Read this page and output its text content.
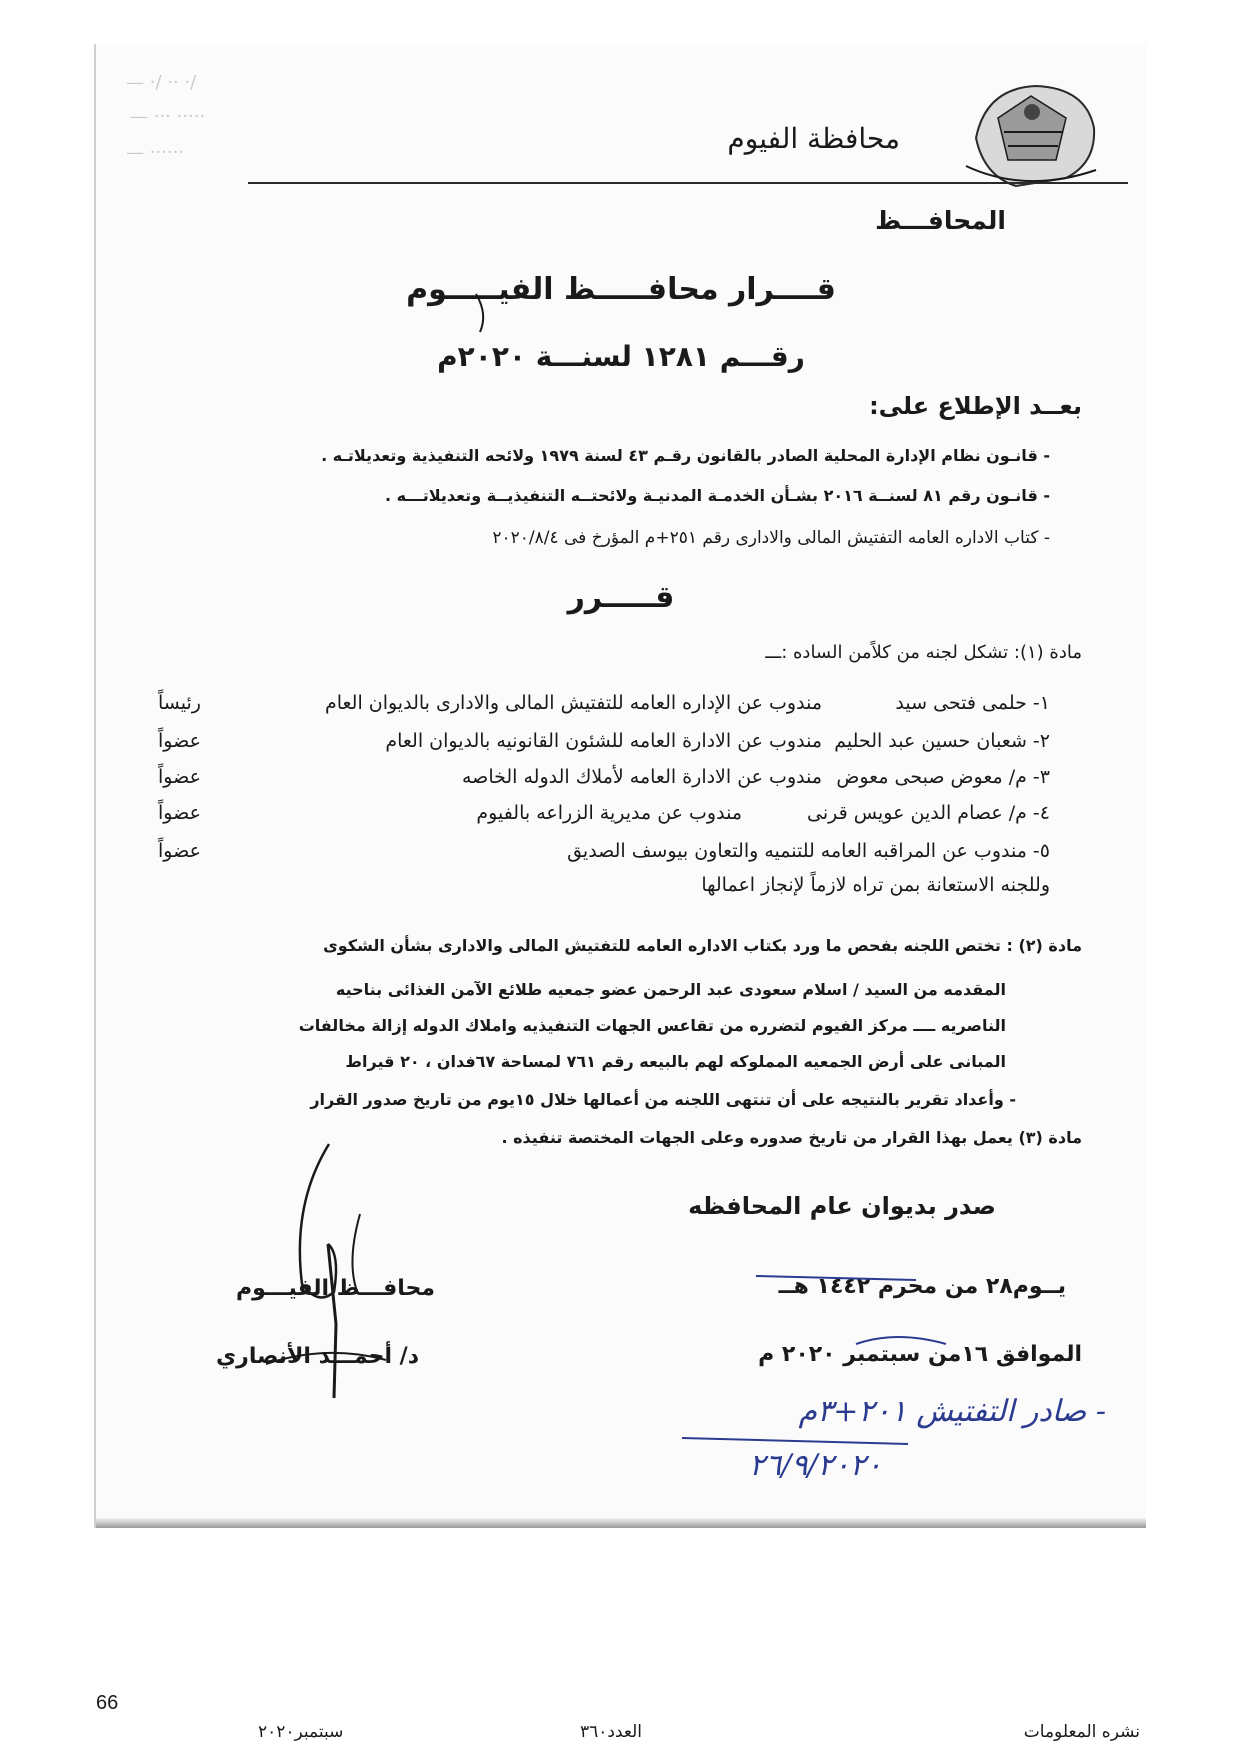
— ·/ ·· ·/
— ··· ·····
— ······	محافظة الفيوم
المحافـــظ
قــــرار محافـــــظ الفيـــــوم
رقـــم ١٢٨١ لسنـــة ٢٠٢٠م
بعــد الإطلاع على:
- قانـون نظام الإدارة المحلية الصادر بالقانون رقـم ٤٣ لسنة ١٩٧٩ ولائحه التنفيذية وتعديلاتـه .
- قانـون رقم ٨١ لسنــة ٢٠١٦ بشـأن الخدمـة المدنيـة ولائحتــه التنفيذيــة وتعديلاتـــه .
- كتاب الاداره العامه التفتيش المالى والادارى رقم ٢٥١+م المؤرخ فى ٢٠٢٠/٨/٤
قـــــرر
مادة (١): تشكل لجنه من كلاًمن الساده :ـــ
١- حلمى فتحى سيد
مندوب عن الإداره العامه للتفتيش المالى والادارى بالديوان العام
رئيساً
٢- شعبان حسين عبد الحليم
مندوب عن الادارة العامه للشئون القانونيه بالديوان العام
عضواً
٣- م/ معوض صبحى معوض
مندوب عن الادارة العامه لأملاك الدوله الخاصه
عضواً
٤- م/ عصام الدين عويس قرنى
مندوب عن مديرية الزراعه بالفيوم
عضواً
٥- مندوب عن المراقبه العامه للتنميه والتعاون بيوسف الصديق
عضواً
وللجنه الاستعانة بمن تراه لازماً لإنجاز اعمالها
مادة (٢) : تختص اللجنه بفحص ما ورد بكتاب الاداره العامه للتفتيش المالى والادارى بشأن الشكوى
المقدمه من السيد / اسلام سعودى عبد الرحمن عضو جمعيه طلائع الآمن الغذائى بناحيه
الناصريه ــــ مركز الفيوم لتضرره من تقاعس الجهات التنفيذيه واملاك الدوله إزالة مخالفات
المبانى على أرض الجمعيه المملوكه لهم بالبيعه رقم ٧٦١ لمساحة ٦٧فدان ، ٢٠ قيراط
- وأعداد تقرير بالنتيجه على أن تنتهى اللجنه من أعمالها خلال ١٥يوم من تاريخ صدور القرار
مادة (٣) يعمل بهذا القرار من تاريخ صدوره وعلى الجهات المختصة تنفيذه .
صدر بديوان عام المحافظه
يــوم٢٨ من محرم ١٤٤٢ هــ
الموافق ١٦من سبتمبر ٢٠٢٠ م
محافـــظ الفيـــوم
د/ أحمـــد الأنصاري
- صادر التفتيش ٢٠١+٣م
٢٦/٩/٢٠٢٠
66
نشره المعلومات
العدد٣٦٠
سبتمبر٢٠٢٠
